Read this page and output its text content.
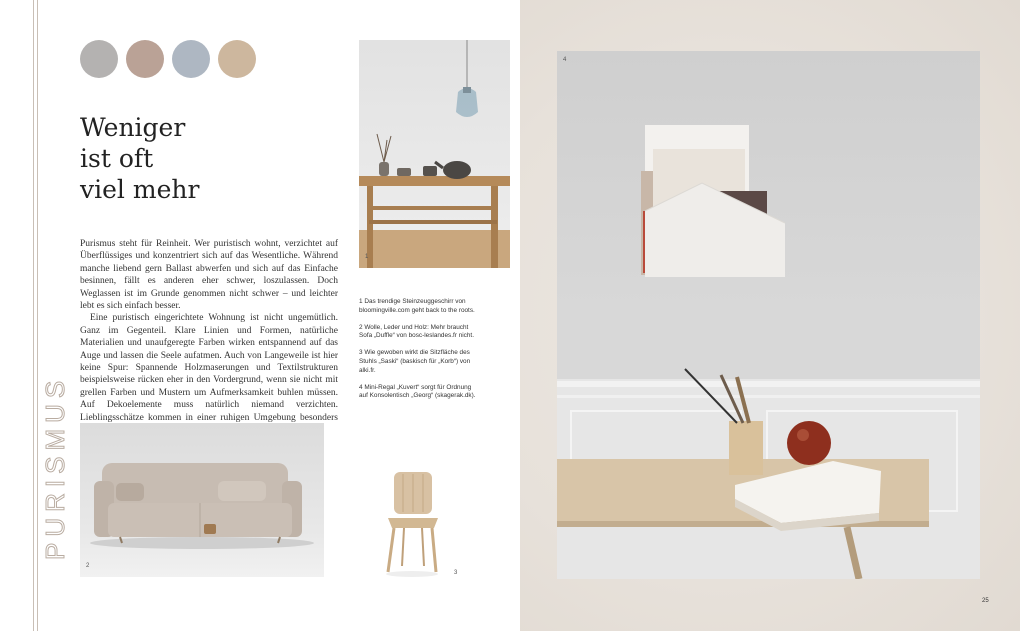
PURISMUS
Weniger
ist oft
viel mehr

Purismus steht für Reinheit. Wer puristisch wohnt, verzichtet auf Überflüssiges und konzentriert sich auf das Wesentliche. Während manche liebend gern Ballast abwerfen und sich auf das Einfache besinnen, fällt es anderen eher schwer, loszulassen. Doch Weglassen ist im Grunde genommen nicht schwer – und leichter lebt es sich einfach besser.

Eine puristisch eingerichtete Wohnung ist nicht ungemütlich. Ganz im Gegenteil. Klare Linien und Formen, natürliche Materialien und unaufgeregte Farben wirken entspannend auf das Auge und lassen die Seele aufatmen. Auch von Langeweile ist hier keine Spur: Spannende Holzmaserungen und Textilstrukturen beispielsweise rücken eher in den Vordergrund, wenn sie nicht mit grellen Farben und Mustern um Aufmerksamkeit buhlen müssen. Auf Dekoelemente muss natürlich niemand verzichten. Lieblingsschätze kommen in einer ruhigen Umgebung besonders

2
1

1 Das trendige Steinzeuggeschirr von bloomingville.com geht back to the roots.

2 Wolle, Leder und Holz: Mehr braucht Sofa „Duffle“ von bosc-leslandes.fr nicht.

3 Wie gewoben wirkt die Sitzfläche des Stuhls „Saski“ (baskisch für „Korb“) von alki.fr.

4 Mini-Regal „Kuvert“ sorgt für Ordnung auf Konsolentisch „Georg“ (skagerak.dk).

3
4
25
